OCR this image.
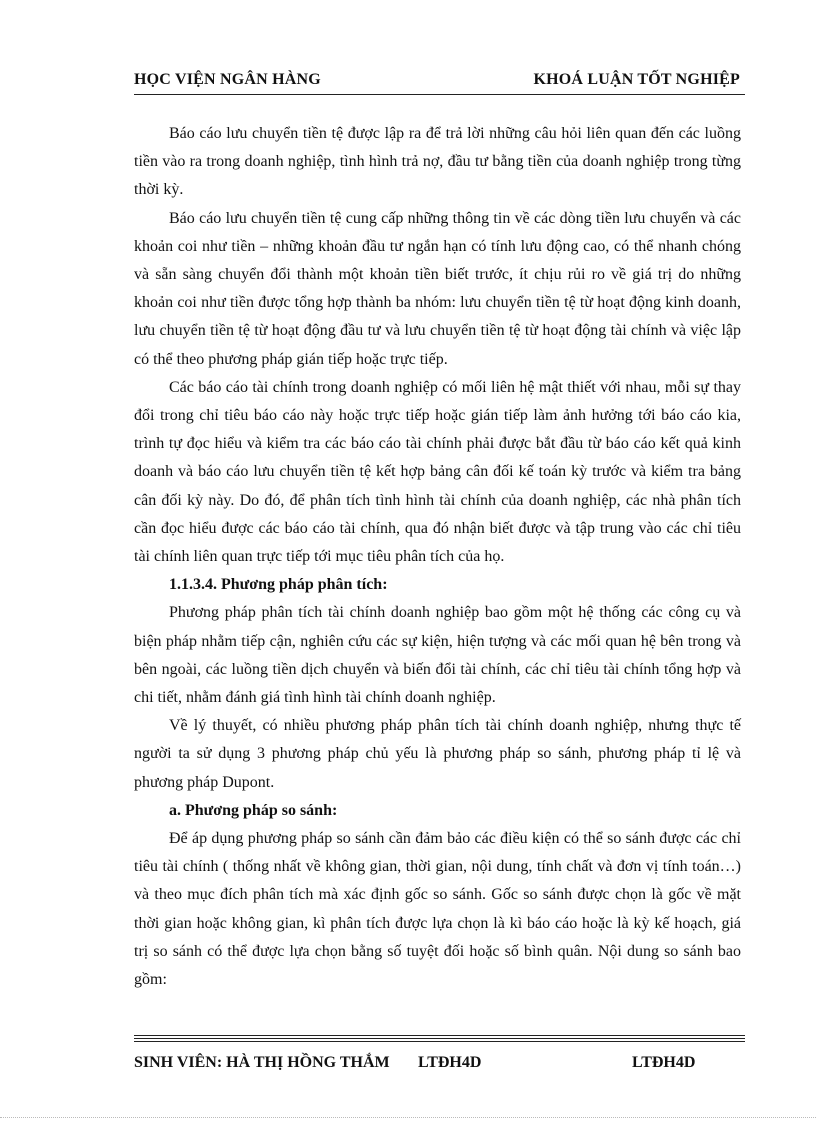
HỌC VIỆN NGÂN HÀNG	KHOÁ LUẬN TỐT NGHIỆP

Báo cáo lưu chuyển tiền tệ được lập ra để trả lời những câu hỏi liên quan đến các luồng tiền vào ra trong doanh nghiệp, tình hình trả nợ, đầu tư bằng tiền của doanh nghiệp trong từng thời kỳ.

Báo cáo lưu chuyển tiền tệ cung cấp những thông tin về các dòng tiền lưu chuyển và các khoản coi như tiền – những khoản đầu tư ngắn hạn có tính lưu động cao, có thể nhanh chóng và sẵn sàng chuyển đổi thành một khoản tiền biết trước, ít chịu rủi ro về giá trị do những khoản coi như tiền được tổng hợp thành ba nhóm: lưu chuyển tiền tệ từ hoạt động kinh doanh, lưu chuyển tiền tệ từ hoạt động đầu tư và lưu chuyển tiền tệ từ hoạt động tài chính và việc lập có thể theo phương pháp gián tiếp hoặc trực tiếp.

Các báo cáo tài chính trong doanh nghiệp có mối liên hệ mật thiết với nhau, mỗi sự thay đổi trong chỉ tiêu báo cáo này hoặc trực tiếp hoặc gián tiếp làm ảnh hưởng tới báo cáo kia, trình tự đọc hiểu và kiểm tra các báo cáo tài chính phải được bắt đầu từ báo cáo kết quả kinh doanh và báo cáo lưu chuyển tiền tệ kết hợp bảng cân đối kế toán kỳ trước và kiểm tra bảng cân đối kỳ này. Do đó, để phân tích tình hình tài chính của doanh nghiệp, các nhà phân tích cần đọc hiểu được các báo cáo tài chính, qua đó nhận biết được và tập trung vào các chỉ tiêu tài chính liên quan trực tiếp tới mục tiêu phân tích của họ.

1.1.3.4. Phương pháp phân tích:

Phương pháp phân tích tài chính doanh nghiệp bao gồm một hệ thống các công cụ và biện pháp nhằm tiếp cận, nghiên cứu các sự kiện, hiện tượng và các mối quan hệ bên trong và bên ngoài, các luồng tiền dịch chuyển và biến đổi tài chính, các chỉ tiêu tài chính tổng hợp và chi tiết, nhằm đánh giá tình hình tài chính doanh nghiệp.

Về lý thuyết, có nhiều phương pháp phân tích tài chính doanh nghiệp, nhưng thực tế người ta sử dụng 3 phương pháp chủ yếu là phương pháp so sánh, phương pháp tỉ lệ và phương pháp Dupont.

a. Phương pháp so sánh:

Để áp dụng phương pháp so sánh cần đảm bảo các điều kiện có thể so sánh được các chỉ tiêu tài chính ( thống nhất về không gian, thời gian, nội dung, tính chất và đơn vị tính toán…) và theo mục đích phân tích mà xác định gốc so sánh. Gốc so sánh được chọn là gốc về mặt thời gian hoặc không gian, kì phân tích được lựa chọn là kì báo cáo hoặc là kỳ kế hoạch, giá trị so sánh có thể được lựa chọn bằng số tuyệt đối hoặc số bình quân. Nội dung so sánh bao gồm:

SINH VIÊN: HÀ THỊ HỒNG THẮM LTĐH4D	LTĐH4D
